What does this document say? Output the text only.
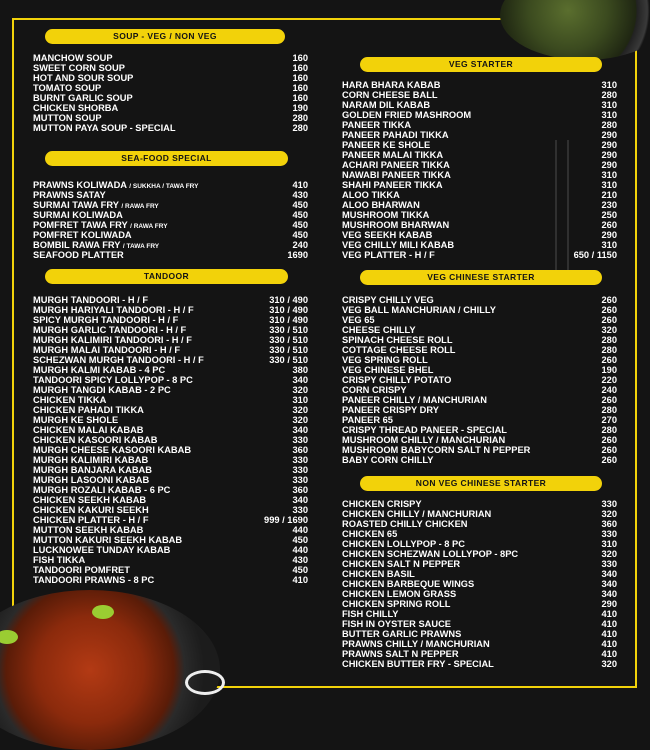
SOUP - VEG / NON VEG
MANCHOW SOUP	160
SWEET CORN SOUP	160
HOT AND SOUR SOUP	160
TOMATO SOUP	160
BURNT GARLIC SOUP	160
CHICKEN SHORBA	190
MUTTON SOUP	280
MUTTON PAYA SOUP - SPECIAL	280
SEA-FOOD SPECIAL
PRAWNS KOLIWADA / SUKKHA / TAWA FRY	410
PRAWNS SATAY	430
SURMAI TAWA FRY / RAWA FRY	450
SURMAI KOLIWADA	450
POMFRET TAWA FRY / RAWA FRY	450
POMFRET KOLIWADA	450
BOMBIL RAWA FRY / TAWA FRY	240
SEAFOOD PLATTER	1690
TANDOOR
MURGH TANDOORI - H / F	310 / 490
MURGH HARIYALI TANDOORI - H / F	310 / 490
SPICY MURGH TANDOORI - H / F	310 / 490
MURGH GARLIC TANDOORI - H / F	330 / 510
MURGH KALIMIRI TANDOORI - H / F	330 / 510
MURGH MALAI TANDOORI - H / F	330 / 510
SCHEZWAN MURGH TANDOORI - H / F	330 / 510
MURGH KALMI KABAB - 4 PC	380
TANDOORI SPICY LOLLYPOP - 8 PC	340
MURGH TANGDI KABAB - 2 PC	320
CHICKEN TIKKA	310
CHICKEN PAHADI TIKKA	320
MURGH KE SHOLE	320
CHICKEN MALAI KABAB	340
CHICKEN KASOORI KABAB	330
MURGH CHEESE KASOORI KABAB	360
MURGH KALIMIRI KABAB	330
MURGH BANJARA KABAB	330
MURGH LASOONI KABAB	330
MURGH ROZALI KABAB - 6 PC	360
CHICKEN SEEKH KABAB	340
CHICKEN KAKURI SEEKH	330
CHICKEN PLATTER - H / F	999 / 1690
MUTTON SEEKH KABAB	440
MUTTON KAKURI SEEKH KABAB	450
LUCKNOWEE TUNDAY KABAB	440
FISH TIKKA	430
TANDOORI POMFRET	450
TANDOORI PRAWNS - 8 PC	410
VEG STARTER
HARA BHARA KABAB	310
CORN CHEESE BALL	280
NARAM DIL KABAB	310
GOLDEN FRIED MASHROOM	310
PANEER TIKKA	280
PANEER PAHADI TIKKA	290
PANEER KE SHOLE	290
PANEER MALAI TIKKA	290
ACHARI PANEER TIKKA	290
NAWABI PANEER TIKKA	310
SHAHI PANEER TIKKA	310
ALOO TIKKA	210
ALOO BHARWAN	230
MUSHROOM TIKKA	250
MUSHROOM BHARWAN	260
VEG SEEKH KABAB	290
VEG CHILLY MILI KABAB	310
VEG PLATTER - H / F	650 / 1150
VEG CHINESE STARTER
CRISPY CHILLY VEG	260
VEG BALL MANCHURIAN / CHILLY	260
VEG 65	260
CHEESE CHILLY	320
SPINACH CHEESE ROLL	280
COTTAGE CHEESE ROLL	280
VEG SPRING ROLL	260
VEG CHINESE BHEL	190
CRISPY CHILLY POTATO	220
CORN CRISPY	240
PANEER CHILLY / MANCHURIAN	260
PANEER CRISPY DRY	280
PANEER 65	270
CRISPY THREAD PANEER - SPECIAL	280
MUSHROOM CHILLY / MANCHURIAN	260
MUSHROOM BABYCORN SALT N PEPPER	260
BABY CORN CHILLY	260
NON VEG CHINESE STARTER
CHICKEN CRISPY	330
CHICKEN CHILLY / MANCHURIAN	320
ROASTED CHILLY CHICKEN	360
CHICKEN 65	330
CHICKEN LOLLYPOP - 8 PC	310
CHICKEN SCHEZWAN LOLLYPOP - 8PC	320
CHICKEN SALT N PEPPER	330
CHICKEN BASIL	340
CHICKEN BARBEQUE WINGS	340
CHICKEN LEMON GRASS	340
CHICKEN SPRING ROLL	290
FISH CHILLY	410
FISH IN OYSTER SAUCE	410
BUTTER GARLIC PRAWNS	410
PRAWNS CHILLY / MANCHURIAN	410
PRAWNS SALT N PEPPER	410
CHICKEN BUTTER FRY - SPECIAL	320
